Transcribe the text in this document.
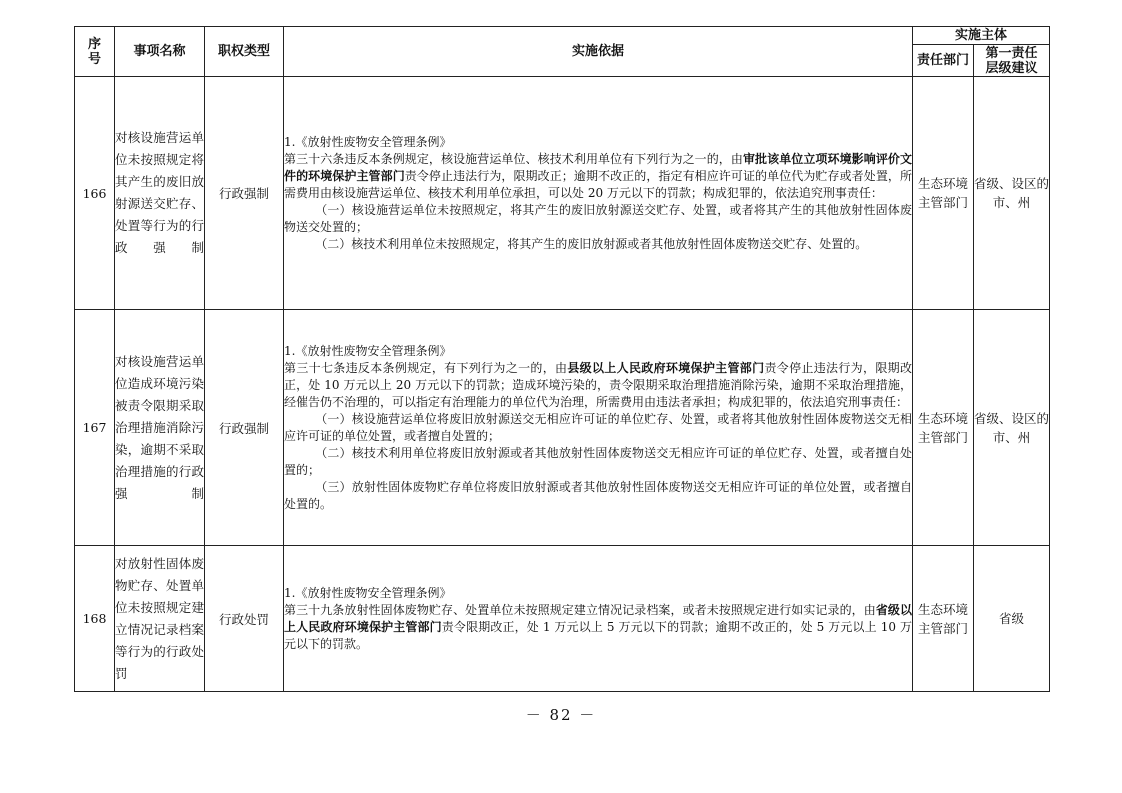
序号	事项名称	职权类型	实施依据	实施主体	
				责任部门	第一责任层级建议

166	对核设施营运单位未按照规定将其产生的废旧放射源送交贮存、处置等行为的行政强制	行政强制	1.《放射性废物安全管理条例》

第三十六条违反本条例规定，核设施营运单位、核技术利用单位有下列行为之一的，由审批该单位立项环境影响评价文件的环境保护主管部门责令停止违法行为，限期改正；逾期不改正的，指定有相应许可证的单位代为贮存或者处置，所需费用由核设施营运单位、核技术利用单位承担，可以处 20 万元以下的罚款；构成犯罪的，依法追究刑事责任：

（一）核设施营运单位未按照规定，将其产生的废旧放射源送交贮存、处置，或者将其产生的其他放射性固体废物送交处置的；

（二）核技术利用单位未按照规定，将其产生的废旧放射源或者其他放射性固体废物送交贮存、处置的。	生态环境主管部门	省级、设区的市、州
167	对核设施营运单位造成环境污染被责令限期采取治理措施消除污染，逾期不采取治理措施的行政强制	行政强制	1.《放射性废物安全管理条例》

第三十七条违反本条例规定，有下列行为之一的，由县级以上人民政府环境保护主管部门责令停止违法行为，限期改正，处 10 万元以上 20 万元以下的罚款；造成环境污染的，责令限期采取治理措施消除污染，逾期不采取治理措施，经催告仍不治理的，可以指定有治理能力的单位代为治理，所需费用由违法者承担；构成犯罪的，依法追究刑事责任：

（一）核设施营运单位将废旧放射源送交无相应许可证的单位贮存、处置，或者将其他放射性固体废物送交无相应许可证的单位处置，或者擅自处置的；

（二）核技术利用单位将废旧放射源或者其他放射性固体废物送交无相应许可证的单位贮存、处置，或者擅自处置的；

（三）放射性固体废物贮存单位将废旧放射源或者其他放射性固体废物送交无相应许可证的单位处置，或者擅自处置的。	生态环境主管部门	省级、设区的市、州
168	对放射性固体废物贮存、处置单位未按照规定建立情况记录档案等行为的行政处罚	行政处罚	1.《放射性废物安全管理条例》

第三十九条放射性固体废物贮存、处置单位未按照规定建立情况记录档案，或者未按照规定进行如实记录的，由省级以上人民政府环境保护主管部门责令限期改正，处 1 万元以上 5 万元以下的罚款；逾期不改正的，处 5 万元以上 10 万元以下的罚款。	生态环境主管部门	省级
－ 82 －
